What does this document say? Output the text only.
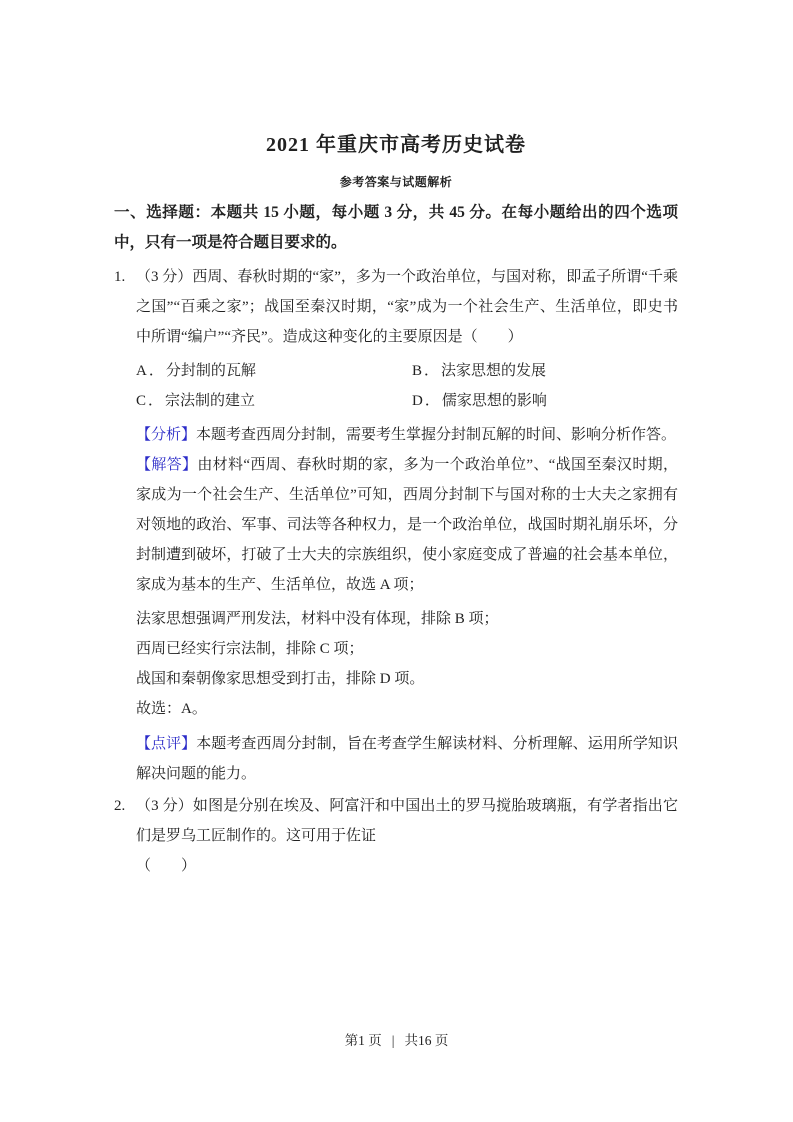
2021 年重庆市高考历史试卷
参考答案与试题解析
一、选择题：本题共 15 小题，每小题 3 分，共 45 分。在每小题给出的四个选项中，只有一项是符合题目要求的。
1. （3 分）西周、春秋时期的“家”，多为一个政治单位，与国对称，即孟子所谓“千乘之国”“百乘之家”；战国至秦汉时期，“家”成为一个社会生产、生活单位，即史书中所谓“编户”“齐民”。造成这种变化的主要原因是（　　）
A．分封制的瓦解	B．法家思想的发展
C．宗法制的建立	D．儒家思想的影响
【分析】本题考查西周分封制，需要考生掌握分封制瓦解的时间、影响分析作答。
【解答】由材料“西周、春秋时期的家，多为一个政治单位”、“战国至秦汉时期，家成为一个社会生产、生活单位”可知，西周分封制下与国对称的士大夫之家拥有对领地的政治、军事、司法等各种权力，是一个政治单位，战国时期礼崩乐坏，分封制遭到破坏，打破了士大夫的宗族组织，使小家庭变成了普遍的社会基本单位，家成为基本的生产、生活单位，故选 A 项；
法家思想强调严刑发法，材料中没有体现，排除 B 项；
西周已经实行宗法制，排除 C 项；
战国和秦朝像家思想受到打击，排除 D 项。
故选：A。
【点评】本题考查西周分封制，旨在考查学生解读材料、分析理解、运用所学知识解决问题的能力。
2. （3 分）如图是分别在埃及、阿富汗和中国出土的罗马搅胎玻璃瓶，有学者指出它们是罗乌工匠制作的。这可用于佐证
（　　）
第1 页 | 共16 页
